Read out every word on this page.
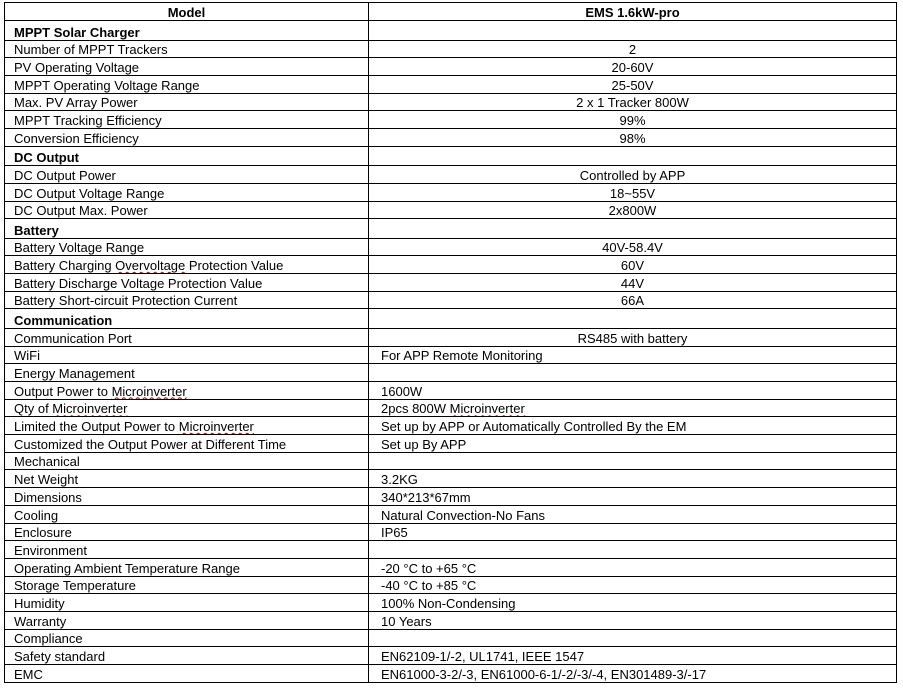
Model	EMS 1.6kW-pro
MPPT Solar Charger	
Number of MPPT Trackers	2
PV Operating Voltage	20-60V
MPPT Operating Voltage Range	25-50V
Max. PV Array Power	2 x 1 Tracker 800W
MPPT Tracking Efficiency	99%
Conversion Efficiency	98%
DC Output	
DC Output Power	Controlled by APP
DC Output Voltage Range	18~55V
DC Output Max. Power	2x800W
Battery	
Battery Voltage Range	40V-58.4V
Battery Charging Overvoltage Protection Value	60V
Battery Discharge Voltage Protection Value	44V
Battery Short-circuit Protection Current	66A
Communication	
Communication Port	RS485 with battery
WiFi	For APP Remote Monitoring
Energy Management	
Output Power to Microinverter	1600W
Qty of Microinverter	2pcs 800W Microinverter
Limited the Output Power to Microinverter	Set up by APP or Automatically Controlled By the EM
Customized the Output Power at Different Time	Set up By APP
Mechanical	
Net Weight	3.2KG
Dimensions	340*213*67mm
Cooling	Natural Convection-No Fans
Enclosure	IP65
Environment	
Operating Ambient Temperature Range	-20 °C to +65 °C
Storage Temperature	-40 °C to +85 °C
Humidity	100% Non-Condensing
Warranty	10 Years
Compliance	
Safety standard	EN62109-1/-2, UL1741, IEEE 1547
EMC	EN61000-3-2/-3, EN61000-6-1/-2/-3/-4, EN301489-3/-17
